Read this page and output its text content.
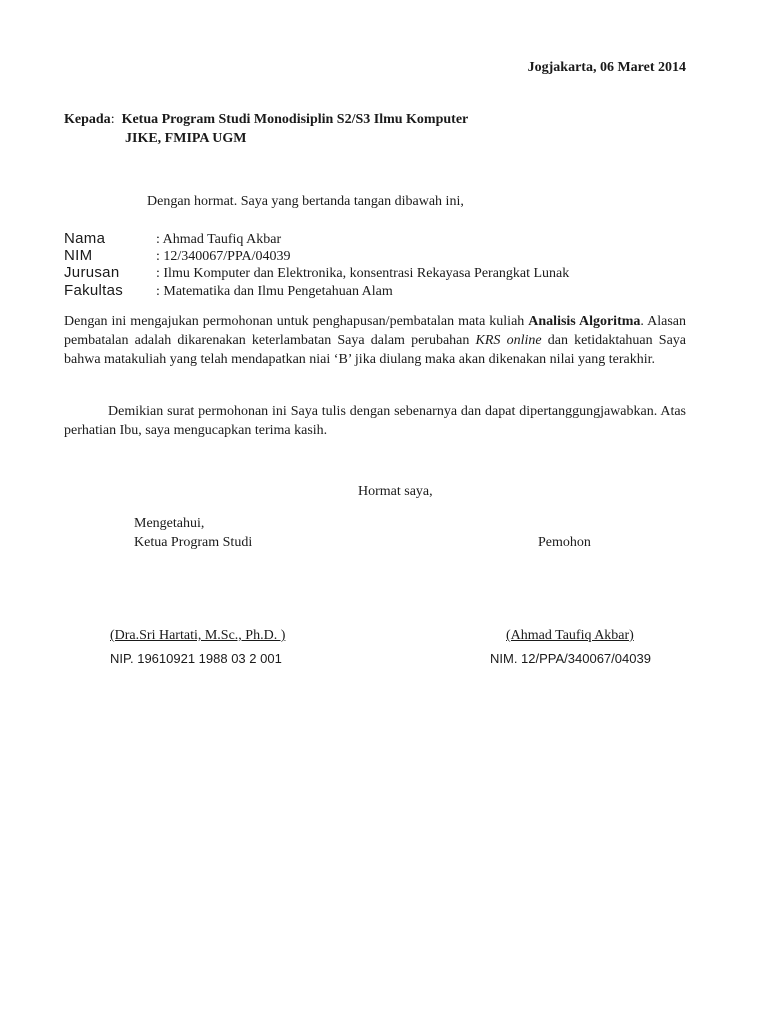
Jogjakarta, 06 Maret 2014
Kepada: Ketua Program Studi Monodisiplin S2/S3 Ilmu Komputer
JIKE, FMIPA UGM
Dengan hormat. Saya yang bertanda tangan dibawah ini,
Nama	: Ahmad Taufiq Akbar
NIM	: 12/340067/PPA/04039
Jurusan	: Ilmu Komputer dan Elektronika, konsentrasi Rekayasa Perangkat Lunak
Fakultas : Matematika dan Ilmu Pengetahuan Alam

Dengan ini mengajukan permohonan untuk penghapusan/pembatalan mata kuliah Analisis Algoritma. Alasan pembatalan adalah dikarenakan keterlambatan Saya dalam perubahan KRS online dan ketidaktahuan Saya bahwa matakuliah yang telah mendapatkan niai ‘B’ jika diulang maka akan dikenakan nilai yang terakhir.

Demikian surat permohonan ini Saya tulis dengan sebenarnya dan dapat dipertanggungjawabkan. Atas perhatian Ibu, saya mengucapkan terima kasih.

Hormat saya,
Mengetahui,
Ketua Program Studi
(Dra.Sri Hartati, M.Sc., Ph.D. )
NIP. 19610921 1988 03 2 001
Pemohon
(Ahmad Taufiq Akbar)
NIM. 12/PPA/340067/04039
